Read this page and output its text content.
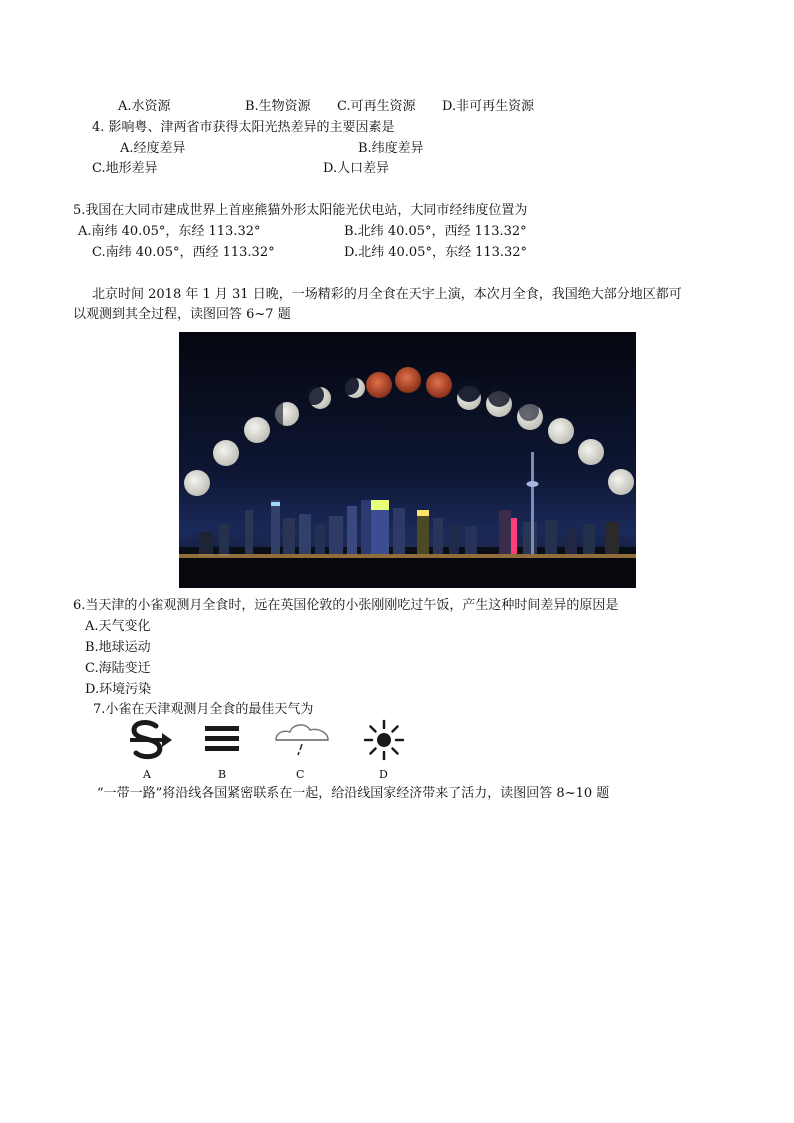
A.水资源	B.生物资源 C.可再生资源 D.非可再生资源
4. 影响粤、津两省市获得太阳光热差异的主要因素是
A.经度差异	B.纬度差异
C.地形差异	D.人口差异
5.我国在大同市建成世界上首座熊猫外形太阳能光伏电站，大同市经纬度位置为
A.南纬 40.05°，东经 113.32°	B.北纬 40.05°，西经 113.32°
C.南纬 40.05°，西经 113.32°	D.北纬 40.05°，东经 113.32°
北京时间 2018 年 1 月 31 日晚，一场精彩的月全食在天宇上演，本次月全食，我国绝大部分地区都可
以观测到其全过程，读图回答 6~7 题
6.当天津的小雀观测月全食时，远在英国伦敦的小张刚刚吃过午饭，产生这种时间差异的原因是
A.天气变化
B.地球运动
C.海陆变迁
D.环境污染
7.小雀在天津观测月全食的最佳天气为
A	B	C	D
“一带一路”将沿线各国紧密联系在一起，给沿线国家经济带来了活力，读图回答 8~10 题
